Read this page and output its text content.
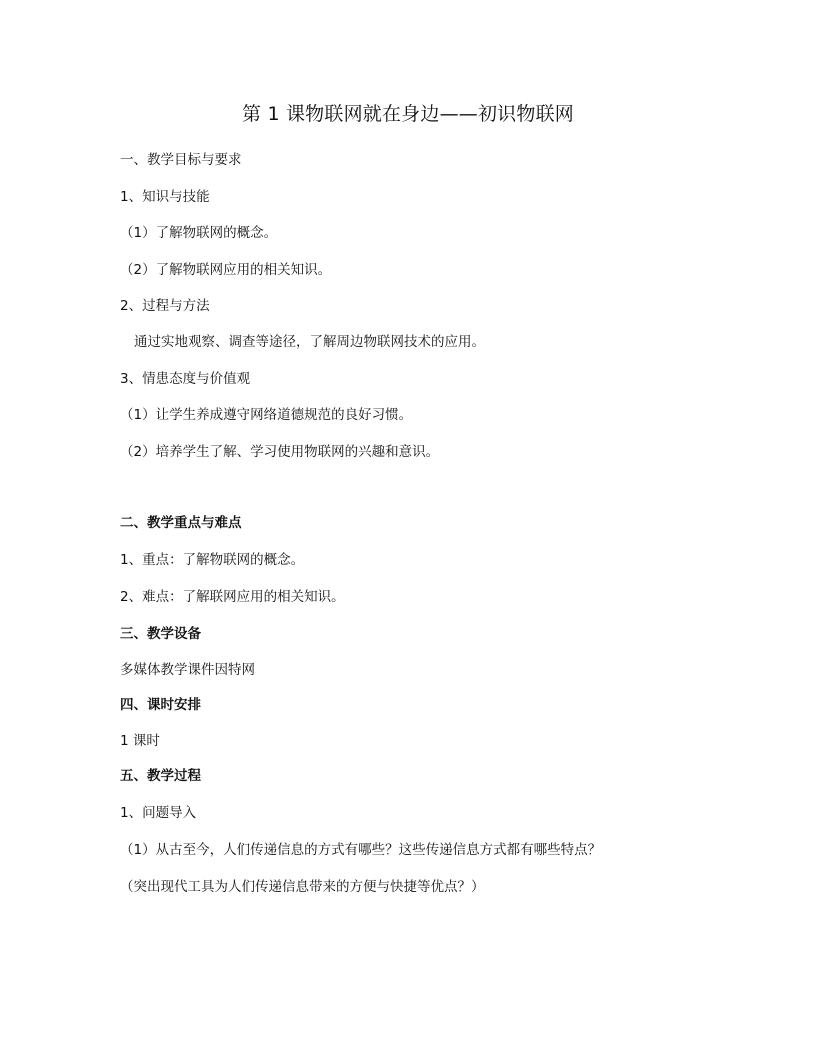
第 1 课物联网就在身边——初识物联网
一、教学目标与要求
1、知识与技能
（1）了解物联网的概念。
（2）了解物联网应用的相关知识。
2、过程与方法
通过实地观察、调查等途径，了解周边物联网技术的应用。
3、情患态度与价值观
（1）让学生养成遵守网络道德规范的良好习惯。
（2）培养学生了解、学习使用物联网的兴趣和意识。
二、教学重点与难点
1、重点：了解物联网的概念。
2、难点：了解联网应用的相关知识。
三、教学设备
多媒体教学课件因特网
四、课时安排
1 课时
五、教学过程
1、问题导入
（1）从古至今，人们传递信息的方式有哪些？这些传递信息方式都有哪些特点？
（突出现代工具为人们传递信息带来的方便与快捷等优点？）
